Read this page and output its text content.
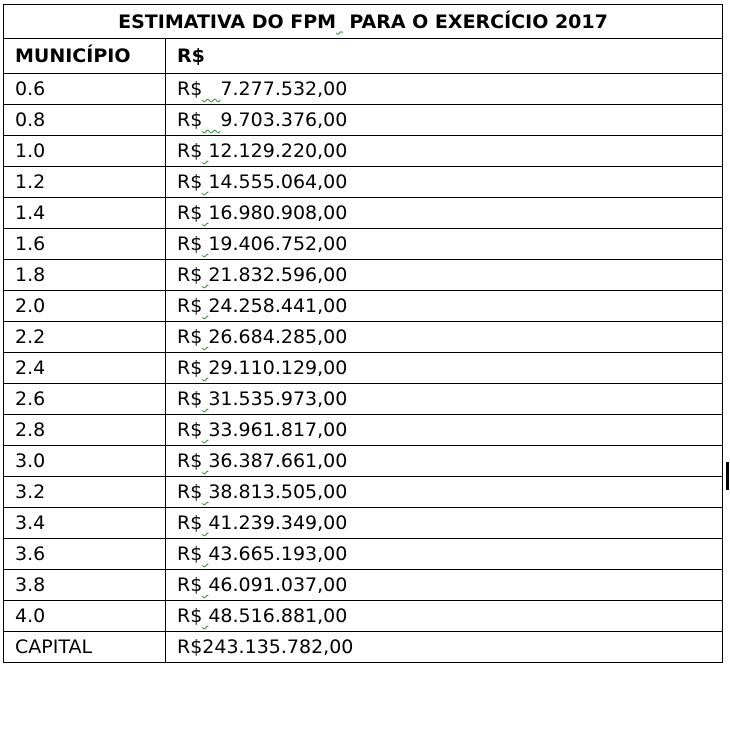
ESTIMATIVA DO FPM  PARA O EXERCÍCIO 2017	
MUNICÍPIO	R$
0.6	R$ 7.277.532,00
0.8	R$ 9.703.376,00
1.0	R$ 12.129.220,00
1.2	R$ 14.555.064,00
1.4	R$ 16.980.908,00
1.6	R$ 19.406.752,00
1.8	R$ 21.832.596,00
2.0	R$ 24.258.441,00
2.2	R$ 26.684.285,00
2.4	R$ 29.110.129,00
2.6	R$ 31.535.973,00
2.8	R$ 33.961.817,00
3.0	R$ 36.387.661,00
3.2	R$ 38.813.505,00
3.4	R$ 41.239.349,00
3.6	R$ 43.665.193,00
3.8	R$ 46.091.037,00
4.0	R$ 48.516.881,00
CAPITAL	R$243.135.782,00
